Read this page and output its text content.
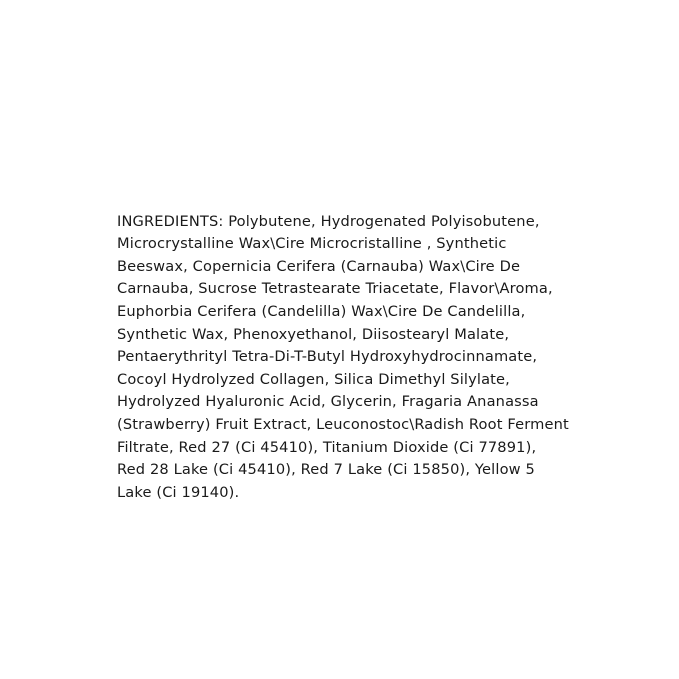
INGREDIENTS: Polybutene, Hydrogenated Polyisobutene, Microcrystalline Wax\Cire Microcristalline , Synthetic Beeswax, Copernicia Cerifera (Carnauba) Wax\Cire De Carnauba, Sucrose Tetrastearate Triacetate, Flavor\Aroma, Euphorbia Cerifera (Candelilla) Wax\Cire De Candelilla, Synthetic Wax, Phenoxyethanol, Diisostearyl Malate, Pentaerythrityl Tetra-Di-T-Butyl Hydroxyhydrocinnamate, Cocoyl Hydrolyzed Collagen, Silica Dimethyl Silylate, Hydrolyzed Hyaluronic Acid, Glycerin, Fragaria Ananassa (Strawberry) Fruit Extract, Leuconostoc\Radish Root Ferment Filtrate, Red 27 (Ci 45410), Titanium Dioxide (Ci 77891), Red 28 Lake (Ci 45410), Red 7 Lake (Ci 15850), Yellow 5 Lake (Ci 19140).
